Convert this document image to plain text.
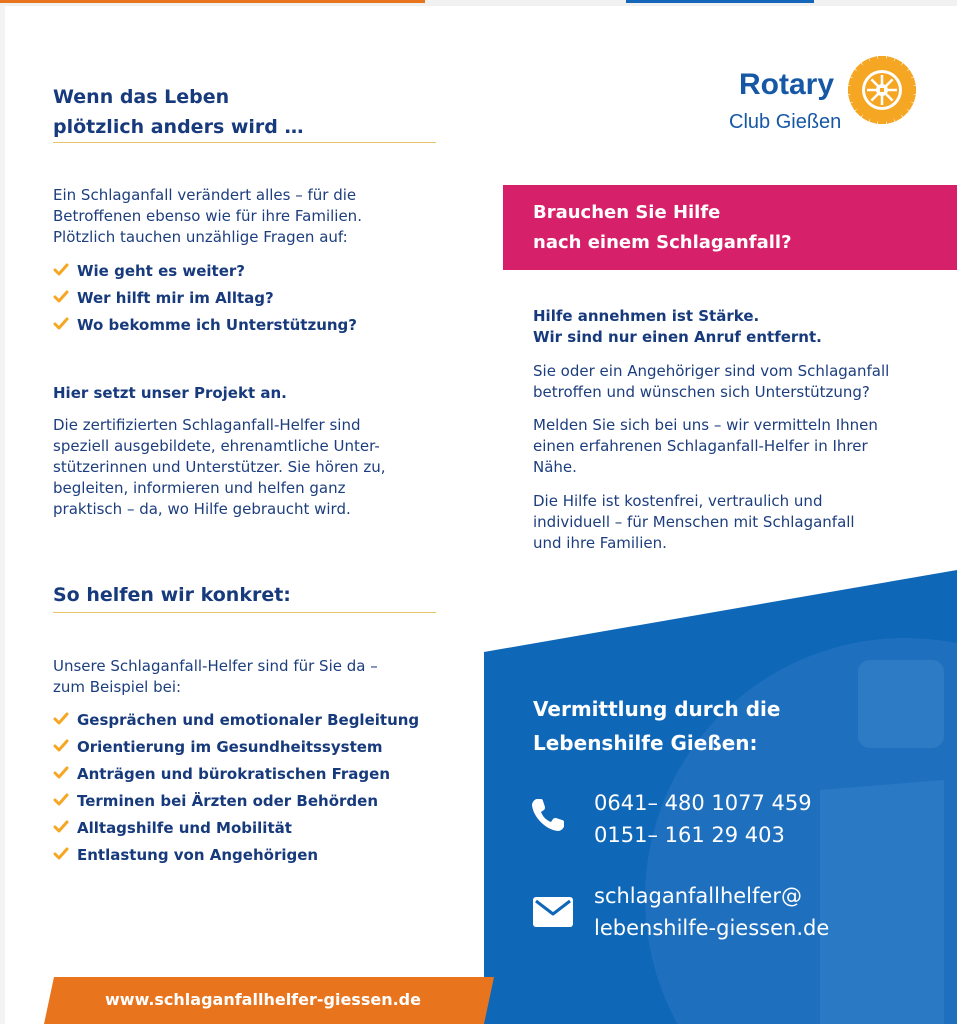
Wenn das Leben
plötzlich anders wird …

Ein Schlaganfall verändert alles – für die
Betroffenen ebenso wie für ihre Familien.
Plötzlich tauchen unzählige Fragen auf:

Wie geht es weiter?
Wer hilft mir im Alltag?
Wo bekomme ich Unterstützung?

Hier setzt unser Projekt an.

Die zertifizierten Schlaganfall-Helfer sind
speziell ausgebildete, ehrenamtliche Unter-
stützerinnen und Unterstützer. Sie hören zu,
begleiten, informieren und helfen ganz
praktisch – da, wo Hilfe gebraucht wird.

So helfen wir konkret:

Unsere Schlaganfall-Helfer sind für Sie da –
zum Beispiel bei:

Gesprächen und emotionaler Begleitung
Orientierung im Gesundheitssystem
Anträgen und bürokratischen Fragen
Terminen bei Ärzten oder Behörden
Alltagshilfe und Mobilität
Entlastung von Angehörigen

www.schlaganfallhelfer-giessen.de

Rotary
Club Gießen

Brauchen Sie Hilfe
nach einem Schlaganfall?

Hilfe annehmen ist Stärke.
Wir sind nur einen Anruf entfernt.

Sie oder ein Angehöriger sind vom Schlaganfall
betroffen und wünschen sich Unterstützung?

Melden Sie sich bei uns – wir vermitteln Ihnen
einen erfahrenen Schlaganfall-Helfer in Ihrer
Nähe.

Die Hilfe ist kostenfrei, vertraulich und
individuell – für Menschen mit Schlaganfall
und ihre Familien.

Vermittlung durch die
Lebenshilfe Gießen:

0641– 480 1077 459
0151– 161 29 403

schlaganfallhelfer@
lebenshilfe-giessen.de
